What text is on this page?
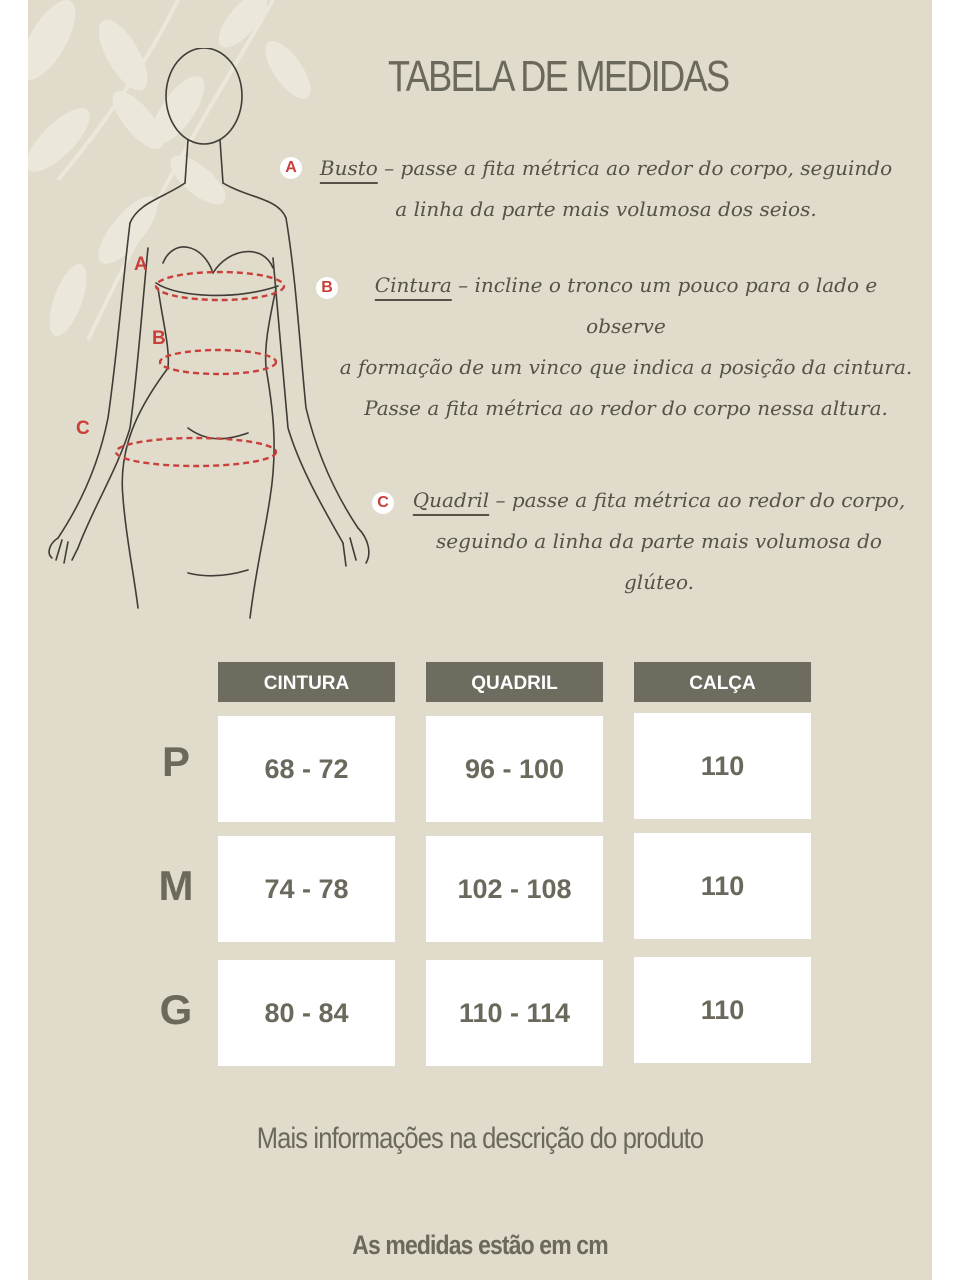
A
B
C
TABELA DE MEDIDAS
A	Busto – passe a fita métrica ao redor do corpo, seguindo
a linha da parte mais volumosa dos seios.
B	Cintura – incline o tronco um pouco para o lado e
observe
a formação de um vinco que indica a posição da cintura.
Passe a fita métrica ao redor do corpo nessa altura.
C	Quadril – passe a fita métrica ao redor do corpo,
seguindo a linha da parte mais volumosa do
glúteo.
CINTURA	QUADRIL	CALÇA
P	68 - 72	96 - 100	110
M	74 - 78	102 - 108	110
G	80 - 84	110 - 114	110
Mais informações na descrição do produto
As medidas estão em cm
